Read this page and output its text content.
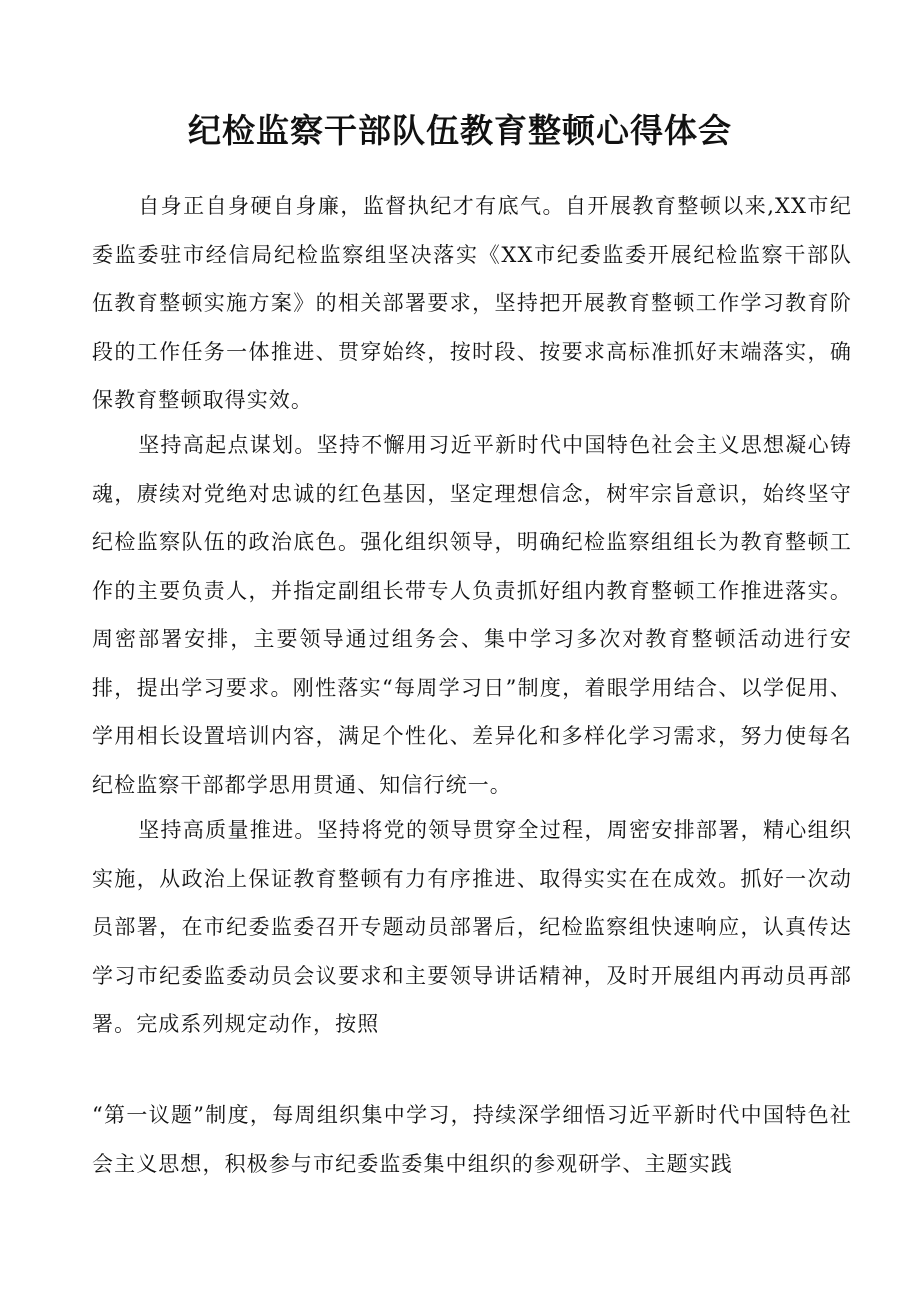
纪检监察干部队伍教育整顿心得体会

自身正自身硬自身廉，监督执纪才有底气。自开展教育整顿以来,XX市纪委监委驻市经信局纪检监察组坚决落实《XX市纪委监委开展纪检监察干部队伍教育整顿实施方案》的相关部署要求，坚持把开展教育整顿工作学习教育阶段的工作任务一体推进、贯穿始终，按时段、按要求高标准抓好末端落实，确保教育整顿取得实效。

坚持高起点谋划。坚持不懈用习近平新时代中国特色社会主义思想凝心铸魂，赓续对党绝对忠诚的红色基因，坚定理想信念，树牢宗旨意识，始终坚守纪检监察队伍的政治底色。强化组织领导，明确纪检监察组组长为教育整顿工作的主要负责人，并指定副组长带专人负责抓好组内教育整顿工作推进落实。周密部署安排，主要领导通过组务会、集中学习多次对教育整顿活动进行安排，提出学习要求。刚性落实“每周学习日”制度，着眼学用结合、以学促用、学用相长设置培训内容，满足个性化、差异化和多样化学习需求，努力使每名纪检监察干部都学思用贯通、知信行统一。

坚持高质量推进。坚持将党的领导贯穿全过程，周密安排部署，精心组织实施，从政治上保证教育整顿有力有序推进、取得实实在在成效。抓好一次动员部署，在市纪委监委召开专题动员部署后，纪检监察组快速响应，认真传达学习市纪委监委动员会议要求和主要领导讲话精神，及时开展组内再动员再部署。完成系列规定动作，按照

“第一议题”制度，每周组织集中学习，持续深学细悟习近平新时代中国特色社会主义思想，积极参与市纪委监委集中组织的参观研学、主题实践
